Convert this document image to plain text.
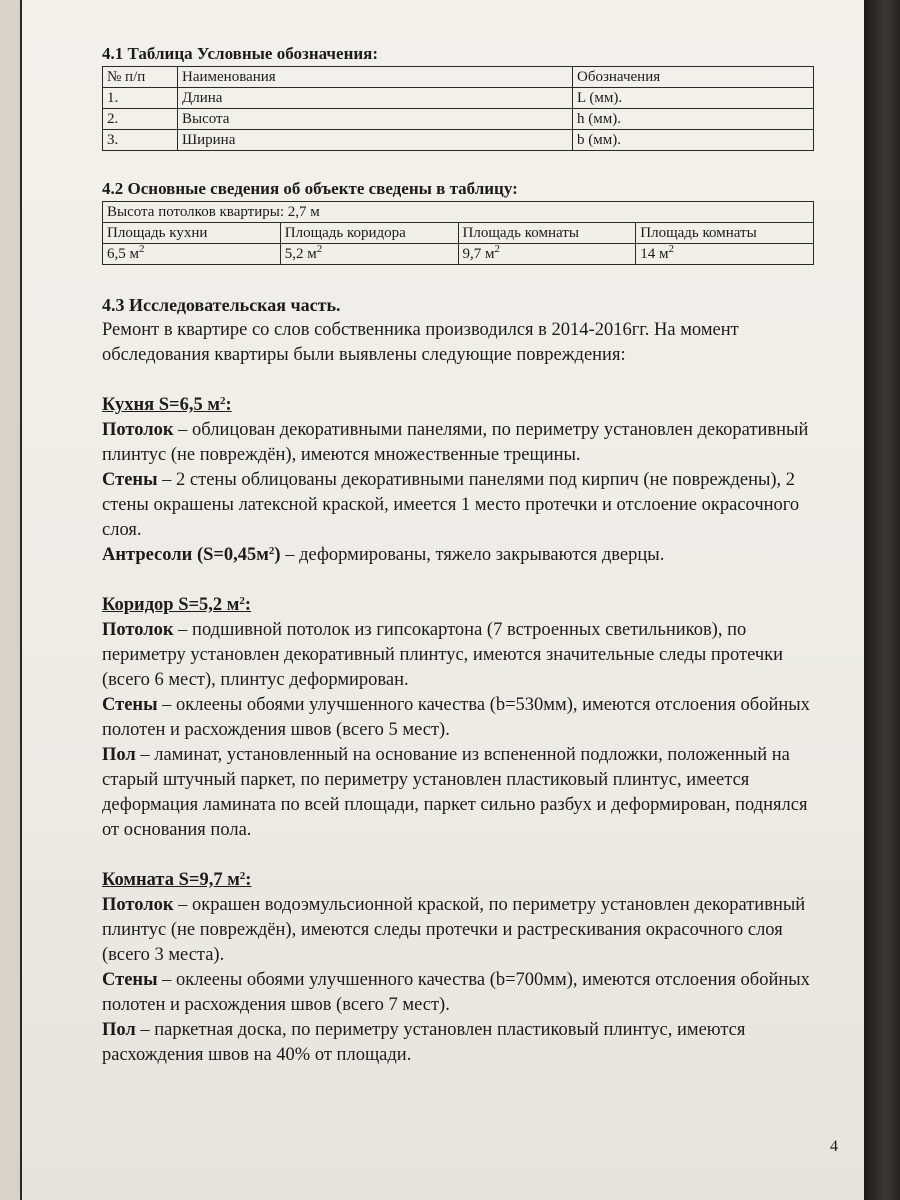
4.1 Таблица Условные обозначения:
№ п/п	Наименования	Обозначения
1.	Длина	L (мм).
2.	Высота	h (мм).
3.	Ширина	b (мм).
4.2 Основные сведения об объекте сведены в таблицу:
Высота потолков квартиры: 2,7 м			
Площадь кухни	Площадь коридора	Площадь комнаты	Площадь комнаты
6,5 $м^2$	5,2 $м^2$	9,7 $м^2$	14 $м^2$

4.3 Исследовательская часть.

Ремонт в квартире со слов собственника производился в 2014-2016гг. На момент обследования квартиры были выявлены следующие повреждения:

Кухня S=6,5 $м^2$:

Потолок – облицован декоративными панелями, по периметру установлен декоративный плинтус (не повреждён), имеются множественные трещины.

Стены – 2 стены облицованы декоративными панелями под кирпич (не повреждены), 2 стены окрашены латексной краской, имеется 1 место протечки и отслоение окрасочного слоя.

Антресоли $(S=0,45м^2)$ – деформированы, тяжело закрываются дверцы.

Коридор S=5,2 $м^2$:

Потолок – подшивной потолок из гипсокартона (7 встроенных светильников), по периметру установлен декоративный плинтус, имеются значительные следы протечки (всего 6 мест), плинтус деформирован.

Стены – оклеены обоями улучшенного качества (b=530мм), имеются отслоения обойных полотен и расхождения швов (всего 5 мест).

Пол – ламинат, установленный на основание из вспененной подложки, положенный на старый штучный паркет, по периметру установлен пластиковый плинтус, имеется деформация ламината по всей площади, паркет сильно разбух и деформирован, поднялся от основания пола.

Комната S=9,7 $м^2$:

Потолок – окрашен водоэмульсионной краской, по периметру установлен декоративный плинтус (не повреждён), имеются следы протечки и растрескивания окрасочного слоя (всего 3 места).

Стены – оклеены обоями улучшенного качества (b=700мм), имеются отслоения обойных полотен и расхождения швов (всего 7 мест).

Пол – паркетная доска, по периметру установлен пластиковый плинтус, имеются расхождения швов на 40% от площади.

4
